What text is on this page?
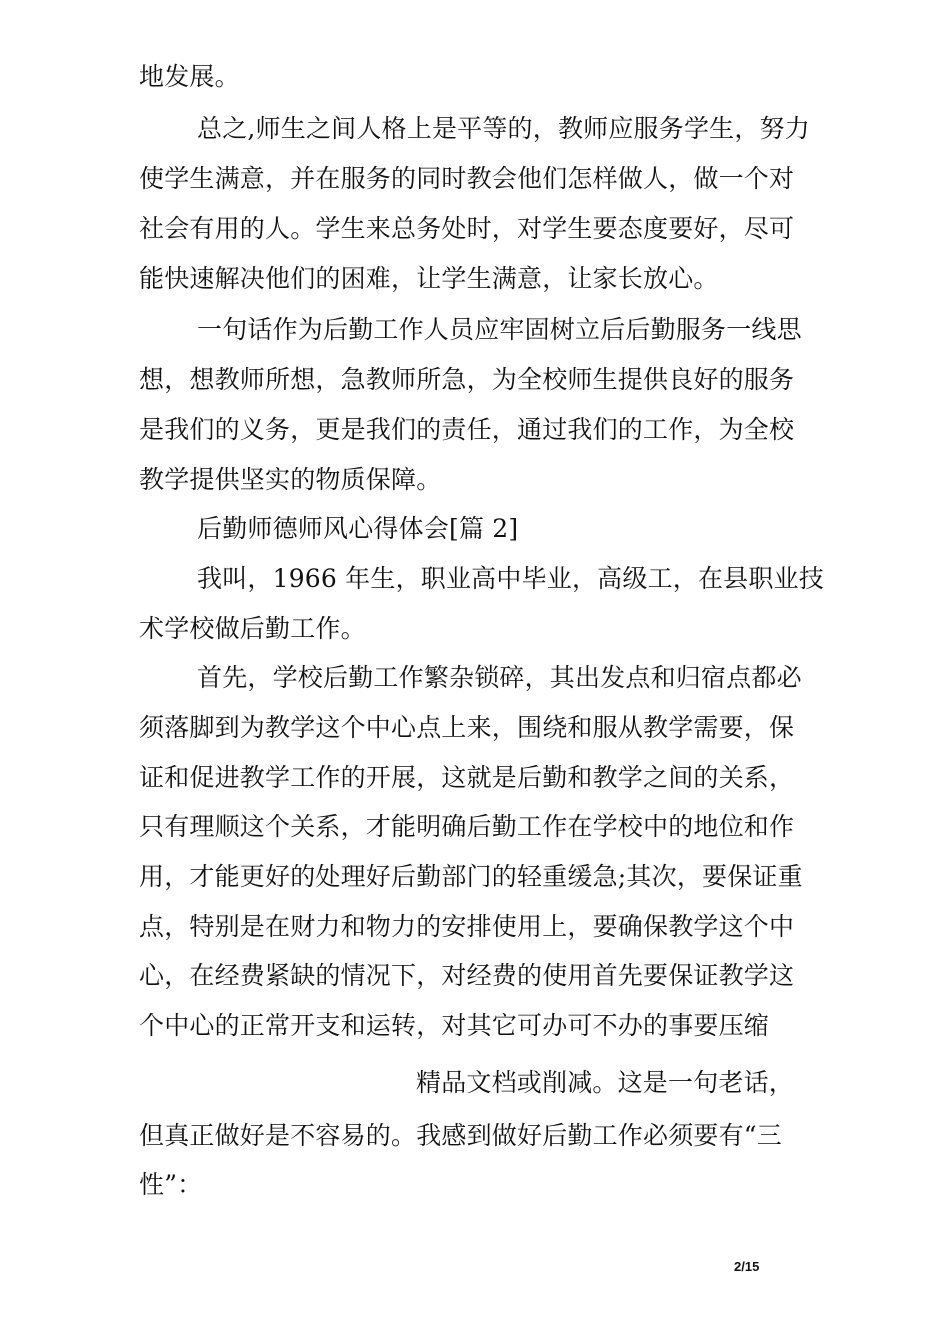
地发展。
总之,师生之间人格上是平等的，教师应服务学生，努力
使学生满意，并在服务的同时教会他们怎样做人，做一个对
社会有用的人。学生来总务处时，对学生要态度要好，尽可
能快速解决他们的困难，让学生满意，让家长放心。
一句话作为后勤工作人员应牢固树立后后勤服务一线思
想，想教师所想，急教师所急，为全校师生提供良好的服务
是我们的义务，更是我们的责任，通过我们的工作，为全校
教学提供坚实的物质保障。
后勤师德师风心得体会[篇 2]
我叫，1966 年生，职业高中毕业，高级工，在县职业技
术学校做后勤工作。
首先，学校后勤工作繁杂锁碎，其出发点和归宿点都必
须落脚到为教学这个中心点上来，围绕和服从教学需要，保
证和促进教学工作的开展，这就是后勤和教学之间的关系，
只有理顺这个关系，才能明确后勤工作在学校中的地位和作
用，才能更好的处理好后勤部门的轻重缓急;其次，要保证重
点，特别是在财力和物力的安排使用上，要确保教学这个中
心，在经费紧缺的情况下，对经费的使用首先要保证教学这
个中心的正常开支和运转，对其它可办可不办的事要压缩
精品文档或削减。这是一句老话，
但真正做好是不容易的。我感到做好后勤工作必须要有“三
性”：
2/15
